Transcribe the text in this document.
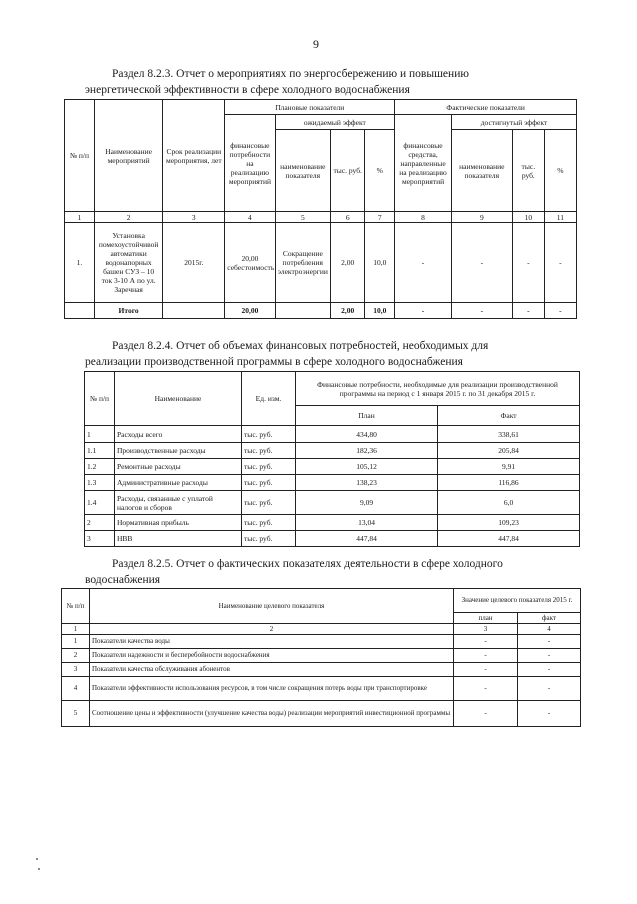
9
Раздел 8.2.3. Отчет о мероприятиях по энергосбережению и повышению
энергетической эффективности в сфере холодного водоснабжения
№ п/п	Наименование мероприятий	Срок реализации мероприятия, лет	Плановые показатели				Фактические показатели			
			финансовые потребности на реализацию мероприятий	ожидаемый эффект			финансовые средства, направленные на реализацию мероприятий	достигнутый эффект		
				наименование показателя	тыс. руб.	%		наименование показателя	тыс. руб.	%
1	2	3	4	5	6	7	8	9	10	11
1.	Установка помехоустойчивой автоматики водонапорных башен СУЗ – 10 ток 3-10 А по ул. Заречная	2015г.	20,00 себестоимость	Сокращение потребления электроэнергии	2,00	10,0	-	-	-	-
	Итого		20,00		2,00	10,0	-	-	-	-
Раздел 8.2.4. Отчет об объемах финансовых потребностей, необходимых для
реализации производственной программы в сфере холодного водоснабжения
№ п/п	Наименование	Ед. изм.	Финансовые потребности, необходимые для реализации производственной программы на период с 1 января 2015 г. по 31 декабря 2015 г.	
			План	Факт
1	Расходы всего	тыс. руб.	434,80	338,61
1.1	Производственные расходы	тыс. руб.	182,36	205,84
1.2	Ремонтные расходы	тыс. руб.	105,12	9,91
1.3	Административные расходы	тыс. руб.	138,23	116,86
1.4	Расходы, связанные с уплатой налогов и сборов	тыс. руб.	9,09	6,0
2	Нормативная прибыль	тыс. руб.	13,04	109,23
3	НВВ	тыс. руб.	447,84	447,84
Раздел 8.2.5. Отчет о фактических показателях деятельности в сфере холодного
водоснабжения
№ п/п	Наименование целевого показателя	Значение целевого показателя 2015 г.	
		план	факт
1	2	3	4
1	Показатели качества воды	-	-
2	Показатели надежности и бесперебойности водоснабжения	-	-
3	Показатели качества обслуживания абонентов	-	-
4	Показатели эффективности использования ресурсов, в том числе сокращения потерь воды при транспортировке	-	-
5	Соотношение цены и эффективности (улучшение качества воды) реализации мероприятий инвестиционной программы	-	-
